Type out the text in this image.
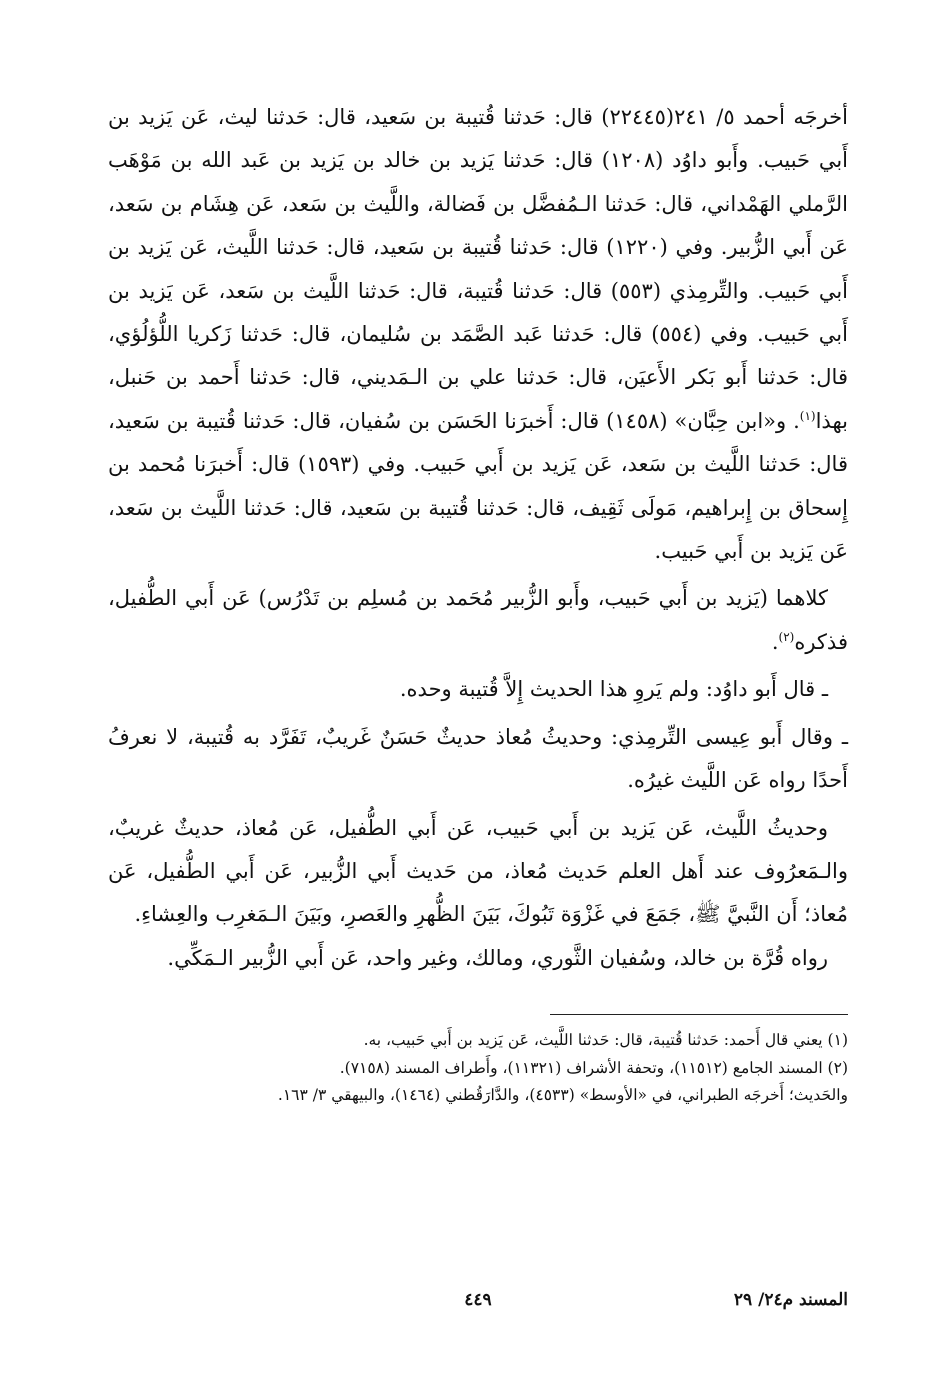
أخرجَه أحمد ٥/ ٢٤١(٢٢٤٤٥) قال: حَدثنا قُتيبة بن سَعيد، قال: حَدثنا ليث، عَن يَزيد بن أَبي حَبيب. وأَبو داوُد (١٢٠٨) قال: حَدثنا يَزيد بن خالد بن يَزيد بن عَبد الله بن مَوْهَب الرَّملي الهَمْداني، قال: حَدثنا الـمُفضَّل بن فَضالة، واللَّيث بن سَعد، عَن هِشَام بن سَعد، عَن أَبي الزُّبير. وفي (١٢٢٠) قال: حَدثنا قُتيبة بن سَعيد، قال: حَدثنا اللَّيث، عَن يَزيد بن أَبي حَبيب. والتِّرمِذي (٥٥٣) قال: حَدثنا قُتيبة، قال: حَدثنا اللَّيث بن سَعد، عَن يَزيد بن أَبي حَبيب. وفي (٥٥٤) قال: حَدثنا عَبد الصَّمَد بن سُليمان، قال: حَدثنا زَكريا اللُّؤلُؤي، قال: حَدثنا أَبو بَكر الأَعيَن، قال: حَدثنا علي بن الـمَديني، قال: حَدثنا أَحمد بن حَنبل، بهذا$^{(١)}$. و«ابن حِبَّان» (١٤٥٨) قال: أَخبرَنا الحَسَن بن سُفيان، قال: حَدثنا قُتيبة بن سَعيد، قال: حَدثنا اللَّيث بن سَعد، عَن يَزيد بن أَبي حَبيب. وفي (١٥٩٣) قال: أَخبرَنا مُحمد بن إِسحاق بن إِبراهيم، مَولَى ثَقِيف، قال: حَدثنا قُتيبة بن سَعيد، قال: حَدثنا اللَّيث بن سَعد، عَن يَزيد بن أَبي حَبيب.

كلاهما (يَزيد بن أَبي حَبيب، وأَبو الزُّبير مُحَمد بن مُسلِم بن تَدْرُس) عَن أَبي الطُّفيل، فذكره$^{(٢)}$.

ـ قال أَبو داوُد: ولم يَروِ هذا الحديث إِلاَّ قُتيبة وحده.

ـ وقال أَبو عِيسى التِّرمِذي: وحديثُ مُعاذ حديثٌ حَسَنٌ غَريبٌ، تَفَرَّد به قُتيبة، لا نعرفُ أَحدًا رواه عَن اللَّيث غيرُه.

وحديثُ اللَّيث، عَن يَزيد بن أَبي حَبيب، عَن أَبي الطُّفيل، عَن مُعاذ، حديثٌ غريبٌ، والـمَعرُوف عند أَهل العلم حَديث مُعاذ، من حَديث أَبي الزُّبير، عَن أَبي الطُّفيل، عَن مُعاذ؛ أَن النَّبيَّ ﷺ، جَمَعَ في غَزْوَة تَبُوكَ، بَيَنَ الظُّهرِ والعَصرِ، وبَيَنَ الـمَغرِب والعِشاءِ.

رواه قُرَّة بن خالد، وسُفيان الثَّوري، ومالك، وغير واحد، عَن أَبي الزُّبير الـمَكِّي.

(١) يعني قال أَحمد: حَدثنا قُتيبة، قال: حَدثنا اللَّيث، عَن يَزيد بن أَبي حَبيب، به.

(٢) المسند الجامع (١١٥١٢)، وتحفة الأشراف (١١٣٢١)، وأَطراف المسند (٧١٥٨).

والحَديث؛ أَخرجَه الطبراني، في «الأوسط» (٤٥٣٣)، والدَّارَقُطني (١٤٦٤)، والبيهقي ٣/ ١٦٣.

المسند م٢٤/ ٢٩
٤٤٩
